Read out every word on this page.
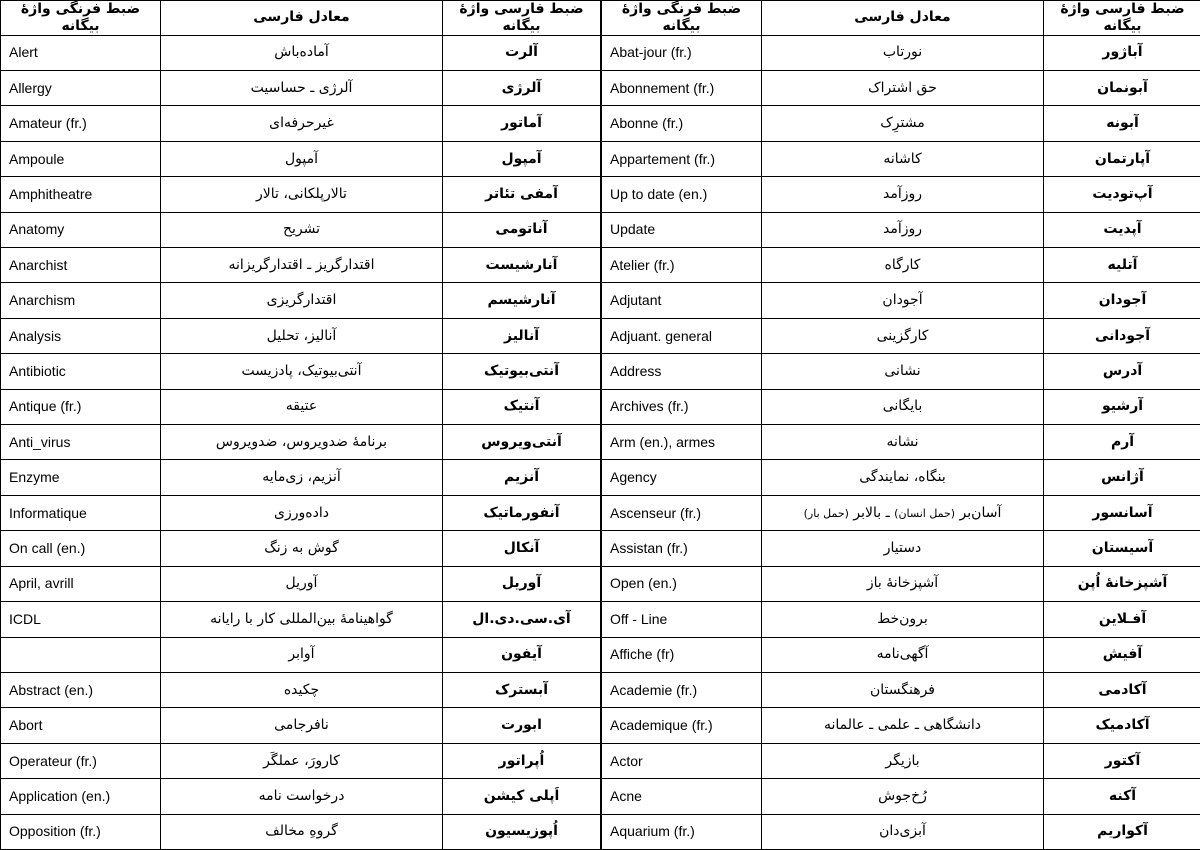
ضبط فرنگی واژهٔ بیگانه	معادل فارسی	ضبط فارسی واژهٔ بیگانه
Alert	آماده‌باش	آلرت
Allergy	آلرژی ـ حساسیت	آلرژی
Amateur (fr.)	غیرحرفه‌ای	آماتور
Ampoule	آمپول	آمپول
Amphitheatre	تالارپلکانی، تالار	آمفی تئاتر
Anatomy	تشریح	آناتومی
Anarchist	اقتدارگریز ـ اقتدارگریزانه	آنارشیست
Anarchism	اقتدارگریزی	آنارشیسم
Analysis	آنالیز، تحلیل	آنالیز
Antibiotic	آنتی‌بیوتیک، پادزیست	آنتی‌بیوتیک
Antique (fr.)	عتیقه	آنتیک
Anti_virus	برنامهٔ ضدویروس، ضدویروس	آنتی‌ویروس
Enzyme	آنزیم، زی‌مایه	آنزیم
Informatique	داده‌ورزی	آنفورماتیک
On call (en.)	گوش به زنگ	آنکال
April, avrill	آوریل	آوریل
ICDL	گواهینامهٔ بین‌المللی کار با رایانه	آی.سی.دی.ال
	آوابر	آیفون
Abstract (en.)	چکیده	آبسترک
Abort	نافرجامی	ابورت
Operateur (fr.)	کارورَ، عملگَر	اُپراتور
Application (en.)	درخواست نامه	اَپلی کیشن
Opposition (fr.)	گروهِ مخالف	اُپوزیسیون
ضبط فرنگی واژهٔ بیگانه	معادل فارسی	ضبط فارسی واژهٔ بیگانه
Abat-jour (fr.)	نورتاب	آباژور
Abonnement (fr.)	حق اشتراک	آبونمان
Abonne (fr.)	مشترِک	آبونه
Appartement (fr.)	کاشانه	آپارتمان
Up to date (en.)	روزآمد	آپ‌تودیت
Update	روزآمد	آپدیت
Atelier (fr.)	کارگاه	آتلیه
Adjutant	آجودان	آجودان
Adjuant. general	کارگزینی	آجودانی
Address	نشانی	آدرس
Archives (fr.)	بایگانی	آرشیو
Arm (en.), armes	نشانه	آرم
Agency	بنگاه، نمایندگی	آژانس
Ascenseur (fr.)	آسان‌بر (حمل انسان) ـ بالابر (حمل بار)	آسانسور
Assistan (fr.)	دستیار	آسیستان
Open (en.)	آشپزخانهٔ باز	آشپزخانهٔ اُپن
Off - Line	برون‌خط	آفـلاین
Affiche (fr)	آگهی‌نامه	آفیش
Academie (fr.)	فرهنگستان	آکادمی
Academique (fr.)	دانشگاهی ـ علمی ـ عالمانه	آکادمیک
Actor	بازیگر	آکتور
Acne	رُخ‌جوش	آکنه
Aquarium (fr.)	آبزی‌دان	آکواریم
